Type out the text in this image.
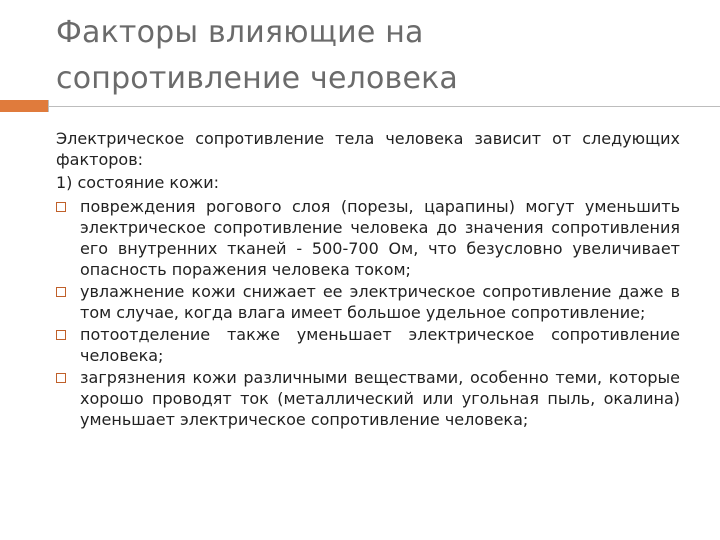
Факторы влияющие на
сопротивление человека

Электрическое сопротивление тела человека зависит от следующих факторов:

1) состояние кожи:

повреждения рогового слоя (порезы, царапины) могут уменьшить электрическое сопротивление человека до значения сопротивления его внутренних тканей - 500-700 Ом, что безусловно увеличивает опасность поражения человека током;
увлажнение кожи снижает ее электрическое сопротивление даже в том случае, когда влага имеет большое удельное сопротивление;
потоотделение также уменьшает электрическое сопротивление человека;
загрязнения кожи различными веществами, особенно теми, которые хорошо проводят ток (металлический или угольная пыль, окалина) уменьшает электрическое сопротивление человека;
